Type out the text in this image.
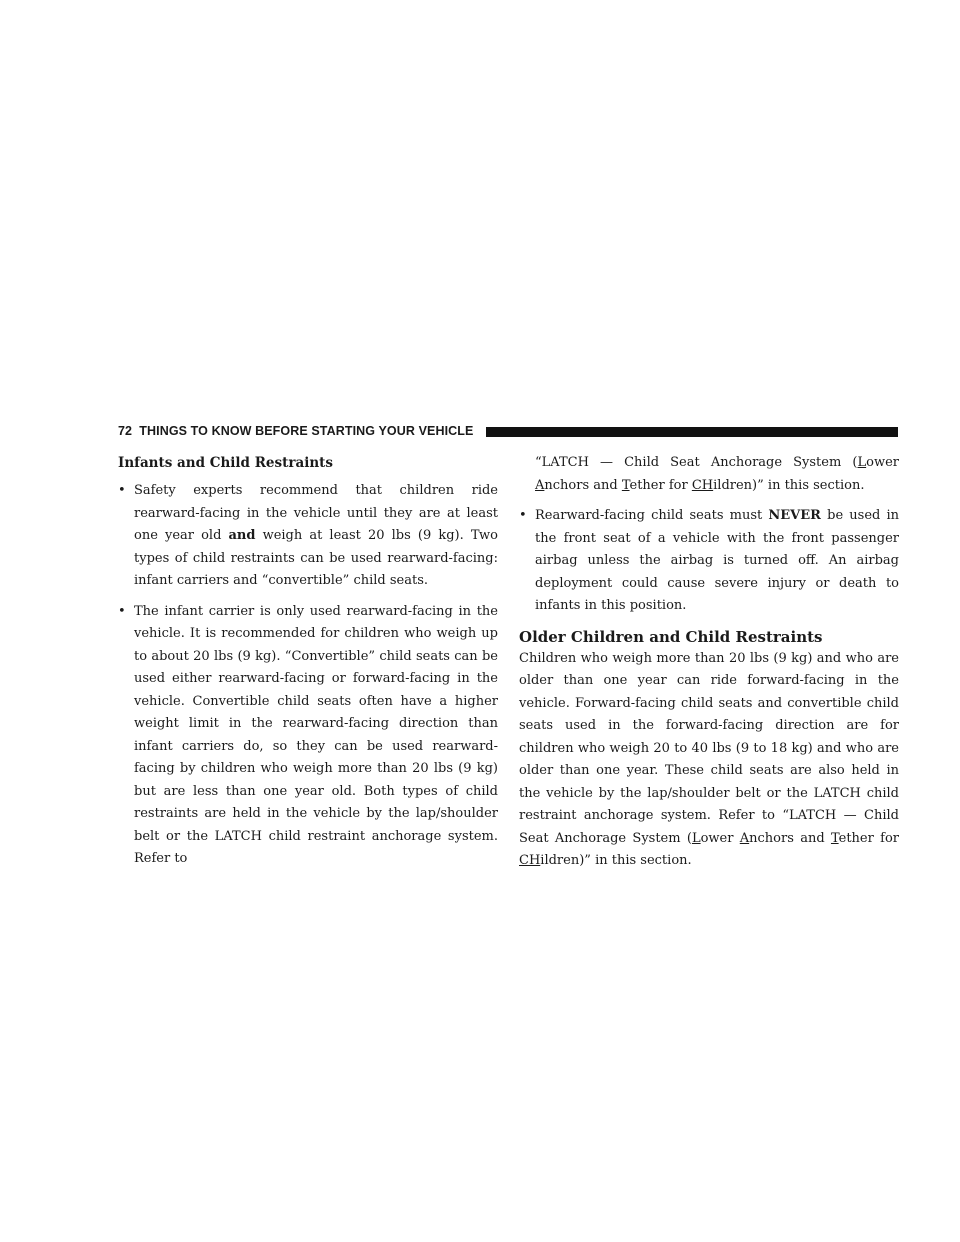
72 THINGS TO KNOW BEFORE STARTING YOUR VEHICLE
Infants and Child Restraints
• Safety experts recommend that children ride rearward-facing in the vehicle until they are at least one year old and weigh at least 20 lbs (9 kg). Two types of child restraints can be used rearward-facing: infant carriers and “convertible” child seats.
• The infant carrier is only used rearward-facing in the vehicle. It is recommended for children who weigh up to about 20 lbs (9 kg). “Convertible” child seats can be used either rearward-facing or forward-facing in the vehicle. Convertible child seats often have a higher weight limit in the rearward-facing direction than infant carriers do, so they can be used rearward-facing by children who weigh more than 20 lbs (9 kg) but are less than one year old. Both types of child restraints are held in the vehicle by the lap/shoulder belt or the LATCH child restraint anchorage system. Refer to
“LATCH — Child Seat Anchorage System (Lower Anchors and Tether for CHildren)” in this section.
• Rearward-facing child seats must NEVER be used in the front seat of a vehicle with the front passenger airbag unless the airbag is turned off. An airbag deployment could cause severe injury or death to infants in this position.
Older Children and Child Restraints

Children who weigh more than 20 lbs (9 kg) and who are older than one year can ride forward-facing in the vehicle. Forward-facing child seats and convertible child seats used in the forward-facing direction are for children who weigh 20 to 40 lbs (9 to 18 kg) and who are older than one year. These child seats are also held in the vehicle by the lap/shoulder belt or the LATCH child restraint anchorage system. Refer to “LATCH — Child Seat Anchorage System (Lower Anchors and Tether for CHildren)” in this section.
